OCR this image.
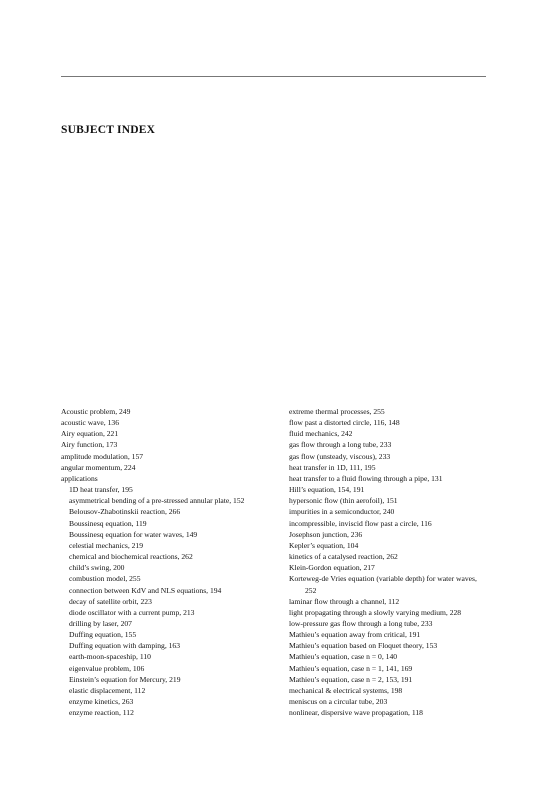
SUBJECT INDEX
Acoustic problem, 249
acoustic wave, 136
Airy equation, 221
Airy function, 173
amplitude modulation, 157
angular momentum, 224
applications
1D heat transfer, 195
asymmetrical bending of a pre-stressed annular plate, 152
Belousov-Zhabotinskii reaction, 266
Boussinesq equation, 119
Boussinesq equation for water waves, 149
celestial mechanics, 219
chemical and biochemical reactions, 262
child’s swing, 200
combustion model, 255
connection between KdV and NLS equations, 194
decay of satellite orbit, 223
diode oscillator with a current pump, 213
drilling by laser, 207
Duffing equation, 155
Duffing equation with damping, 163
earth-moon-spaceship, 110
eigenvalue problem, 106
Einstein’s equation for Mercury, 219
elastic displacement, 112
enzyme kinetics, 263
enzyme reaction, 112
extreme thermal processes, 255
flow past a distorted circle, 116, 148
fluid mechanics, 242
gas flow through a long tube, 233
gas flow (unsteady, viscous), 233
heat transfer in 1D, 111, 195
heat transfer to a fluid flowing through a pipe, 131
Hill’s equation, 154, 191
hypersonic flow (thin aerofoil), 151
impurities in a semiconductor, 240
incompressible, inviscid flow past a circle, 116
Josephson junction, 236
Kepler’s equation, 104
kinetics of a catalysed reaction, 262
Klein-Gordon equation, 217
Korteweg-de Vries equation (variable depth) for water waves, 252
laminar flow through a channel, 112
light propagating through a slowly varying medium, 228
low-pressure gas flow through a long tube, 233
Mathieu’s equation away from critical, 191
Mathieu’s equation based on Floquet theory, 153
Mathieu’s equation, case n = 0, 140
Mathieu’s equation, case n = 1, 141, 169
Mathieu’s equation, case n = 2, 153, 191
mechanical & electrical systems, 198
meniscus on a circular tube, 203
nonlinear, dispersive wave propagation, 118
